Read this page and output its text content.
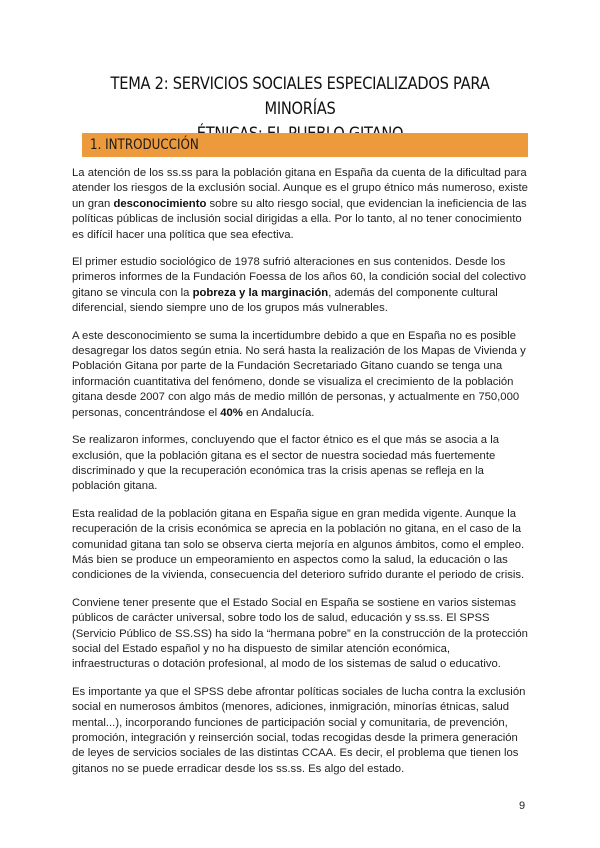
TEMA 2: SERVICIOS SOCIALES ESPECIALIZADOS PARA MINORÍAS

1. INTRODUCCIÓN

La atención de los ss.ss para la población gitana en España da cuenta de la dificultad para atender los riesgos de la exclusión social. Aunque es el grupo étnico más numeroso, existe un gran desconocimiento sobre su alto riesgo social, que evidencian la ineficiencia de las políticas públicas de inclusión social dirigidas a ella. Por lo tanto, al no tener conocimiento es difícil hacer una política que sea efectiva.

El primer estudio sociológico de 1978 sufrió alteraciones en sus contenidos. Desde los primeros informes de la Fundación Foessa de los años 60, la condición social del colectivo gitano se vincula con la pobreza y la marginación, además del componente cultural diferencial, siendo siempre uno de los grupos más vulnerables.

A este desconocimiento se suma la incertidumbre debido a que en España no es posible desagregar los datos según etnia. No será hasta la realización de los Mapas de Vivienda y Población Gitana por parte de la Fundación Secretariado Gitano cuando se tenga una información cuantitativa del fenómeno, donde se visualiza el crecimiento de la población gitana desde 2007 con algo más de medio millón de personas, y actualmente en 750,000 personas, concentrándose el 40% en Andalucía.

Se realizaron informes, concluyendo que el factor étnico es el que más se asocia a la exclusión, que la población gitana es el sector de nuestra sociedad más fuertemente discriminado y que la recuperación económica tras la crisis apenas se refleja en la población gitana.

Esta realidad de la población gitana en España sigue en gran medida vigente. Aunque la recuperación de la crisis económica se aprecia en la población no gitana, en el caso de la comunidad gitana tan solo se observa cierta mejoría en algunos ámbitos, como el empleo. Más bien se produce un empeoramiento en aspectos como la salud, la educación o las condiciones de la vivienda, consecuencia del deterioro sufrido durante el periodo de crisis.

Conviene tener presente que el Estado Social en España se sostiene en varios sistemas públicos de carácter universal, sobre todo los de salud, educación y ss.ss. El SPSS (Servicio Público de SS.SS) ha sido la “hermana pobre” en la construcción de la protección social del Estado español y no ha dispuesto de similar atención económica, infraestructuras o dotación profesional, al modo de los sistemas de salud o educativo.

Es importante ya que el SPSS debe afrontar políticas sociales de lucha contra la exclusión social en numerosos ámbitos (menores, adiciones, inmigración, minorías étnicas, salud mental...), incorporando funciones de participación social y comunitaria, de prevención, promoción, integración y reinserción social, todas recogidas desde la primera generación de leyes de servicios sociales de las distintas CCAA. Es decir, el problema que tienen los gitanos no se puede erradicar desde los ss.ss. Es algo del estado.

9
